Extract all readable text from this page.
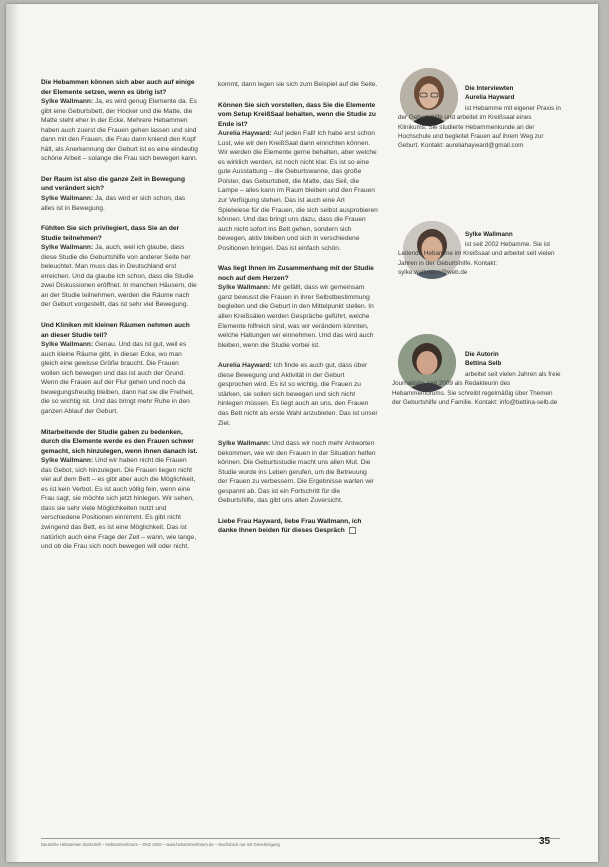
Die Hebammen können sich aber auch auf einige der Elemente setzen, wenn es übrig ist?
Sylke Wallmann: Ja, es wird genug Elemente da. Es gibt eine Geburtsbett, der Hocker und die Matte, die Matte steht eher in der Ecke. Mehrere Hebammen haben auch zuerst die Frauen gehen lassen und sind dann mit den Frauen, die Frau dann kniend den Kopf hält, als Anerkennung der Geburt ist es eine eindeutig schöne Arbeit – solange die Frau sich bewegen kann.

Der Raum ist also die ganze Zeit in Bewegung und verändert sich?
Sylke Wallmann: Ja, das wird er sich schon, das alles ist in Bewegung.

Fühlten Sie sich privilegiert, dass Sie an der Studie teilnehmen?
Sylke Wallmann: Ja, auch, weil ich glaube, dass diese Studie die Geburtshilfe von anderer Seite her beleuchtet. Man muss das in Deutschland erst erreichen. Und da glaube ich schon, dass die Studie zwei Diskussionen eröffnet. In manchen Häusern, die an der Studie teilnehmen, werden die Räume nach der Geburt vorgestellt, das ist sehr viel Bewegung.

Und Kliniken mit kleinen Räumen nehmen auch an dieser Studie teil?
Sylke Wallmann: Genau. Und das ist gut, weil es auch kleine Räume gibt, in dieser Ecke, wo man gleich eine gewisse Größe braucht. Die Frauen wollen sich bewegen und das ist auch der Grund. Wenn die Frauen auf der Flur gehen und noch da bewegungsfreudig bleiben, dann hat sie die Freiheit, die so wichtig ist. Und das bringt mehr Ruhe in den ganzen Ablauf der Geburt.

Mitarbeitende der Studie gaben zu bedenken, durch die Elemente werde es den Frauen schwer gemacht, sich hinzulegen, wenn ihnen danach ist.
Sylke Wallmann: Und wir haben nicht die Frauen das Gebot, sich hinzulegen. Die Frauen liegen nicht viel auf dem Bett – es gibt aber auch die Möglichkeit, es ist kein Verbot. Es ist auch völlig fein, wenn eine Frau sagt, sie möchte sich jetzt hinlegen. Wir sehen, dass sie sehr viele Möglichkeiten nutzt und verschiedene Positionen einnimmt. Es gibt nicht zwingend das Bett, es ist eine Möglichkeit. Das ist natürlich auch eine Frage der Zeit – wann, wie lange, und ob die Frau sich noch bewegen will oder nicht.

kommt, dann legen sie sich zum Beispiel auf die Seite.

Können Sie sich vorstellen, dass Sie die Elemente vom Setup KreißSaal behalten, wenn die Studie zu Ende ist?
Aurelia Hayward: Auf jeden Fall! Ich habe erst schon Lust, wie wir den KreißSaal dann einrichten können. Wir werden die Elemente gerne behalten, aber welche es wirklich werden, ist noch nicht klar. Es ist so eine gute Ausstattung – die Geburtswanne, das große Polster, das Geburtsbett, die Matte, das Seil, die Lampe – alles kann im Raum bleiben und den Frauen zur Verfügung stehen. Das ist auch eine Art Spielwiese für die Frauen, die sich selbst ausprobieren können. Und das bringt uns dazu, dass die Frauen auch nicht sofort ins Bett gehen, sondern sich bewegen, aktiv bleiben und sich in verschiedene Positionen bringen. Das ist einfach schön.

Was liegt Ihnen im Zusammenhang mit der Studie noch auf dem Herzen?
Sylke Wallmann: Mir gefällt, dass wir gemeinsam ganz bewusst die Frauen in ihrer Selbstbestimmung begleiten und die Geburt in den Mittelpunkt stellen. In allen Kreißsälen werden Gespräche geführt, welche Elemente hilfreich sind, was wir verändern könnten, welche Haltungen wir einnehmen. Und das wird auch bleiben, wenn die Studie vorbei ist.

Aurelia Hayward: Ich finde es auch gut, dass über diese Bewegung und Aktivität in der Geburt gesprochen wird. Es ist so wichtig, die Frauen zu stärken, sie sollen sich bewegen und sich nicht hinlegen müssen. Es liegt auch an uns, den Frauen das Bett nicht als erste Wahl anzubieten. Das ist unser Ziel.

Sylke Wallmann: Und dass wir noch mehr Antworten bekommen, wie wir den Frauen in der Situation helfen können. Die Geburtsstudie macht uns allen Mut. Die Studie wurde ins Leben gerufen, um die Betreuung der Frauen zu verbessern. Die Ergebnisse warten wir gespannt ab. Das ist ein Fortschritt für die Geburtshilfe, das gibt uns allen Zuversicht.

Liebe Frau Hayward, liebe Frau Wallmann, ich danke Ihnen beiden für dieses Gespräch

Die Interviewten
Aurelia Hayward
ist Hebamme mit eigener Praxis in der Geburtshilfe und arbeitet im Kreißsaal eines Klinikums. Sie studierte Hebammenkunde an der Hochschule und begleitet Frauen auf ihrem Weg zur Geburt. Kontakt: aureliahayward@gmail.com
Sylke Wallmann
ist seit 2002 Hebamme. Sie ist Leitende Hebamme im Kreißsaal und arbeitet seit vielen Jahren in der Geburtshilfe. Kontakt: sylke.wallmann@web.de
Die Autorin
Bettina Selb
arbeitet seit vielen Jahren als freie Journalistin, seit 2009 als Redakteurin des Hebammenforums. Sie schreibt regelmäßig über Themen der Geburtshilfe und Familie. Kontakt: info@bettina-selb.de
Deutsche Hebammen Zeitschrift – Hebammenforum – DHZ 2020 – www.hebammenforum.de – Nachdruck nur mit Genehmigung	35
